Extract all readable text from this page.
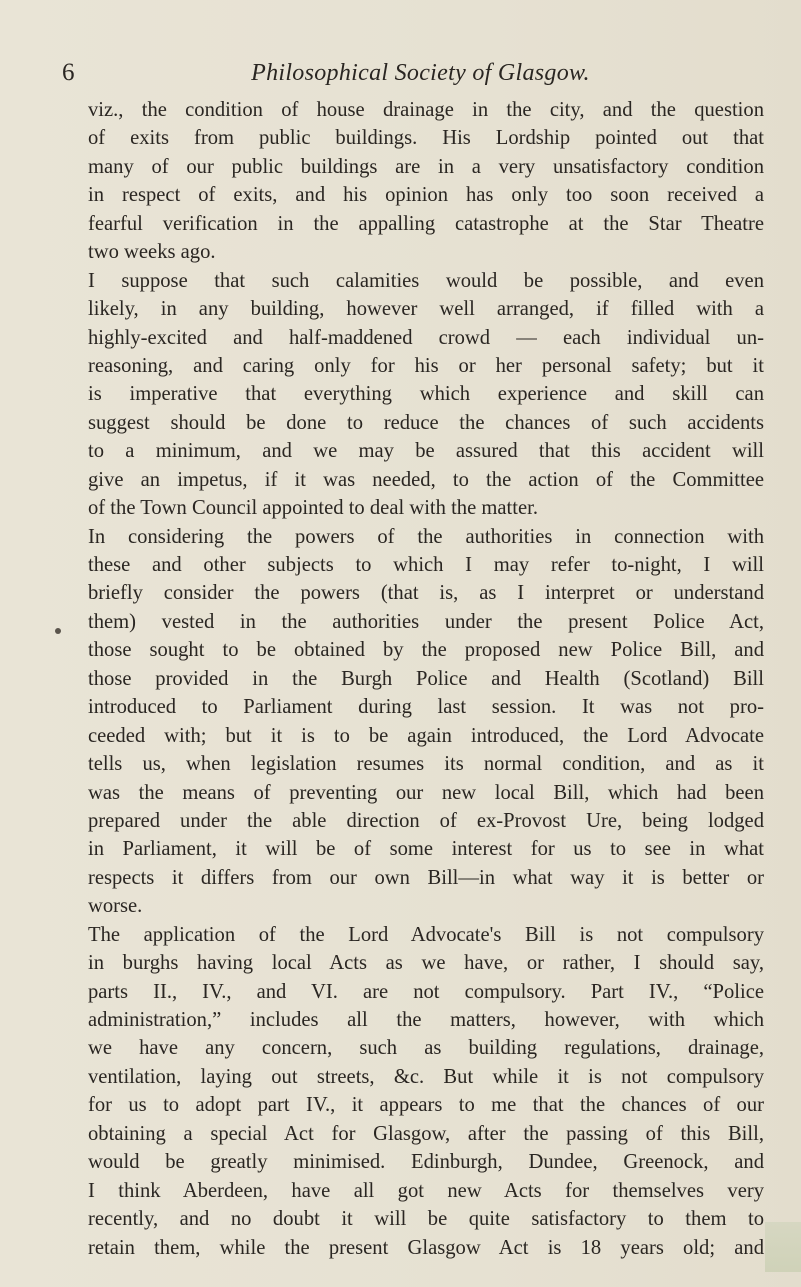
6	Philosophical Society of Glasgow.
viz., the condition of house drainage in the city, and the question
of exits from public buildings. His Lordship pointed out that
many of our public buildings are in a very unsatisfactory condition
in respect of exits, and his opinion has only too soon received a
fearful verification in the appalling catastrophe at the Star Theatre
two weeks ago.
I suppose that such calamities would be possible, and even
likely, in any building, however well arranged, if filled with a
highly-excited and half-maddened crowd — each individual un-
reasoning, and caring only for his or her personal safety; but it
is imperative that everything which experience and skill can
suggest should be done to reduce the chances of such accidents
to a minimum, and we may be assured that this accident will
give an impetus, if it was needed, to the action of the Committee
of the Town Council appointed to deal with the matter.
In considering the powers of the authorities in connection with
these and other subjects to which I may refer to-night, I will
briefly consider the powers (that is, as I interpret or understand
them) vested in the authorities under the present Police Act,
those sought to be obtained by the proposed new Police Bill, and
those provided in the Burgh Police and Health (Scotland) Bill
introduced to Parliament during last session. It was not pro-
ceeded with; but it is to be again introduced, the Lord Advocate
tells us, when legislation resumes its normal condition, and as it
was the means of preventing our new local Bill, which had been
prepared under the able direction of ex-Provost Ure, being lodged
in Parliament, it will be of some interest for us to see in what
respects it differs from our own Bill—in what way it is better or
worse.
The application of the Lord Advocate's Bill is not compulsory
in burghs having local Acts as we have, or rather, I should say,
parts II., IV., and VI. are not compulsory. Part IV., “Police
administration,” includes all the matters, however, with which
we have any concern, such as building regulations, drainage,
ventilation, laying out streets, &c. But while it is not compulsory
for us to adopt part IV., it appears to me that the chances of our
obtaining a special Act for Glasgow, after the passing of this Bill,
would be greatly minimised. Edinburgh, Dundee, Greenock, and
I think Aberdeen, have all got new Acts for themselves very
recently, and no doubt it will be quite satisfactory to them to
retain them, while the present Glasgow Act is 18 years old; and
